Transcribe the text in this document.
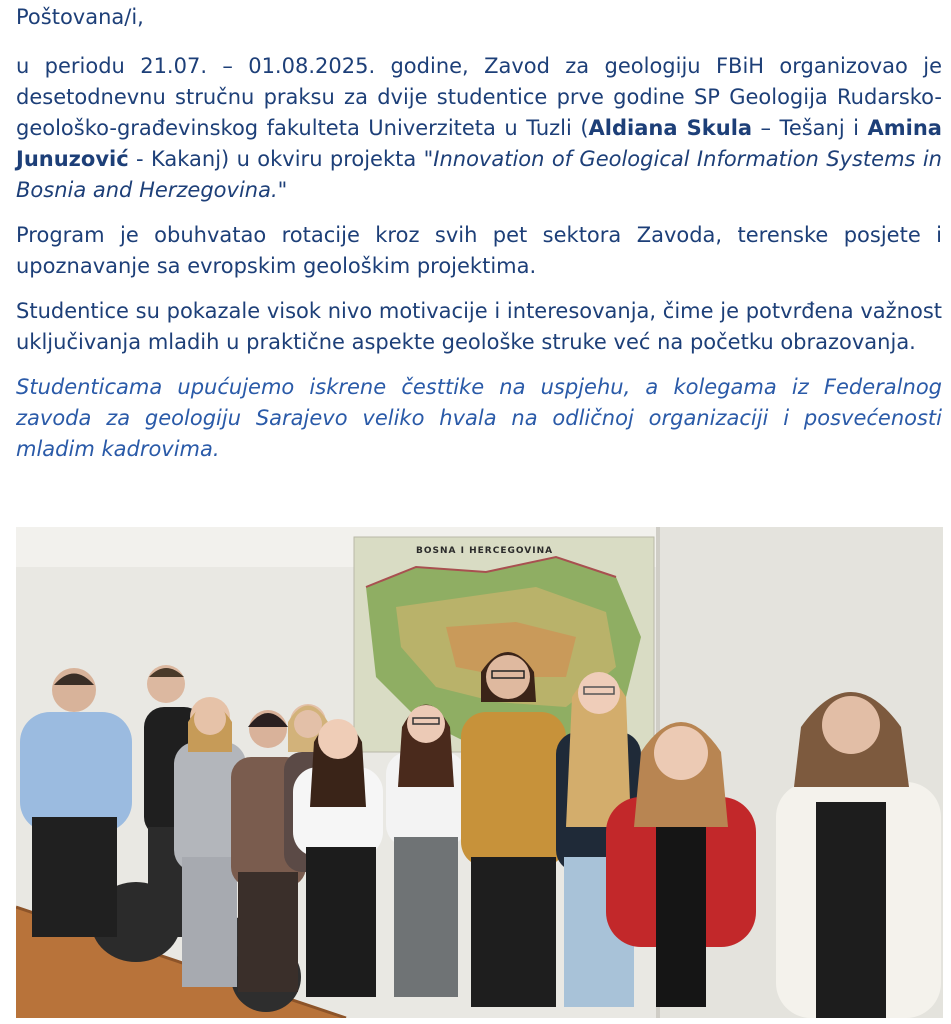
Poštovana/i,

u periodu 21.07. – 01.08.2025. godine, Zavod za geologiju FBiH organizovao je desetodnevnu stručnu praksu za dvije studentice prve godine SP Geologija Rudarsko-geološko-građevinskog fakulteta Univerziteta u Tuzli (Aldiana Skula – Tešanj i Amina Junuzović - Kakanj) u okviru projekta "Innovation of Geological Information Systems in Bosnia and Herzegovina."

Program je obuhvatao rotacije kroz svih pet sektora Zavoda, terenske posjete i upoznavanje sa evropskim geološkim projektima.

Studentice su pokazale visok nivo motivacije i interesovanja, čime je potvrđena važnost uključivanja mladih u praktične aspekte geološke struke već na početku obrazovanja.

Studenticama upućujemo iskrene česttike na uspjehu, a kolegama iz Federalnog zavoda za geologiju Sarajevo veliko hvala na odličnoj organizaciji i posvećenosti mladim kadrovima.

BOSNA I HERCEGOVINA
